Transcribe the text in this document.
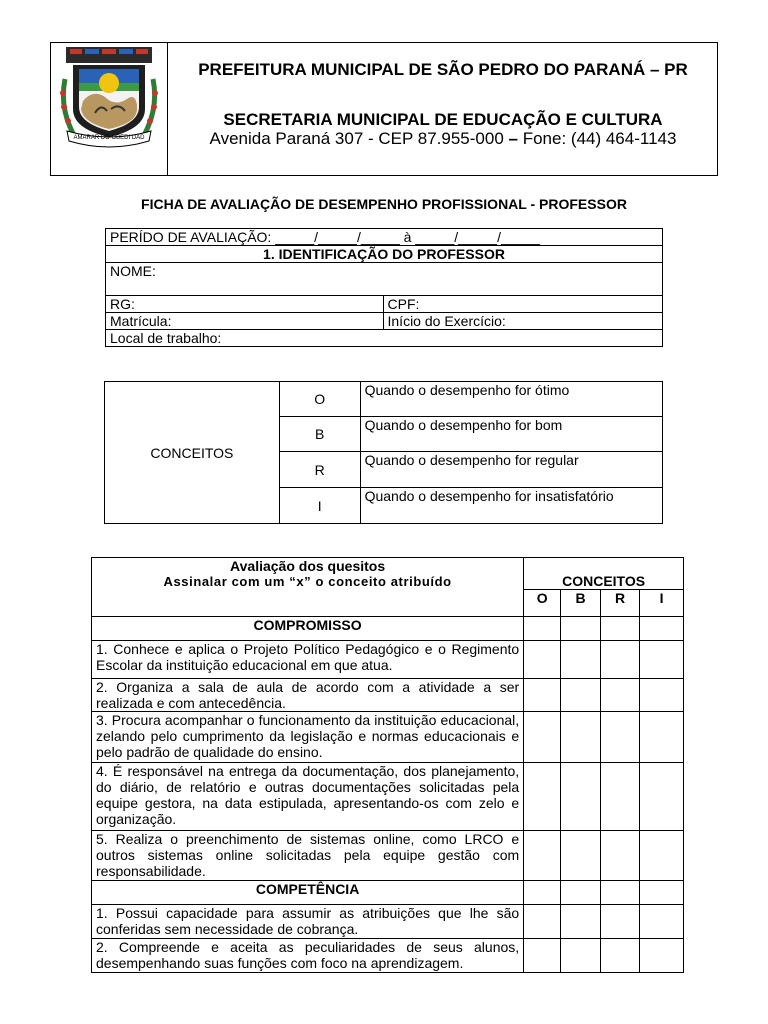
AMARAR DO OBEDI DAD
PREFEITURA MUNICIPAL DE SÃO PEDRO DO PARANÁ – PR
SECRETARIA MUNICIPAL DE EDUCAÇÃO E CULTURA
Avenida Paraná 307 - CEP 87.955-000 – Fone: (44) 464-1143
FICHA DE AVALIAÇÃO DE DESEMPENHO PROFISSIONAL - PROFESSOR
PERÍDO DE AVALIAÇÃO: _____/_____/_____ à _____/_____/_____	
1. IDENTIFICAÇÃO DO PROFESSOR	
NOME:	
RG:	CPF:
Matrícula:	Início do Exercício:
Local de trabalho:	
CONCEITOS	O	Quando o desempenho for ótimo
	B	Quando o desempenho for bom
	R	Quando o desempenho for regular
	I	Quando o desempenho for insatisfatório
Avaliação dos quesitos
Assinalar com um “x” o conceito atribuído	CONCEITOS			
	O	B	R	I
COMPROMISSO				
1. Conhece e aplica o Projeto Político Pedagógico e o Regimento Escolar da instituição educacional em que atua.				
2. Organiza a sala de aula de acordo com a atividade a ser realizada e com antecedência.				
3. Procura acompanhar o funcionamento da instituição educacional, zelando pelo cumprimento da legislação e normas educacionais e pelo padrão de qualidade do ensino.				
4. É responsável na entrega da documentação, dos planejamento, do diário, de relatório e outras documentações solicitadas pela equipe gestora, na data estipulada, apresentando-os com zelo e organização.				
5. Realiza o preenchimento de sistemas online, como LRCO e outros sistemas online solicitadas pela equipe gestão com responsabilidade.				
COMPETÊNCIA				
1. Possui capacidade para assumir as atribuições que lhe são conferidas sem necessidade de cobrança.				
2. Compreende e aceita as peculiaridades de seus alunos, desempenhando suas funções com foco na aprendizagem.				
